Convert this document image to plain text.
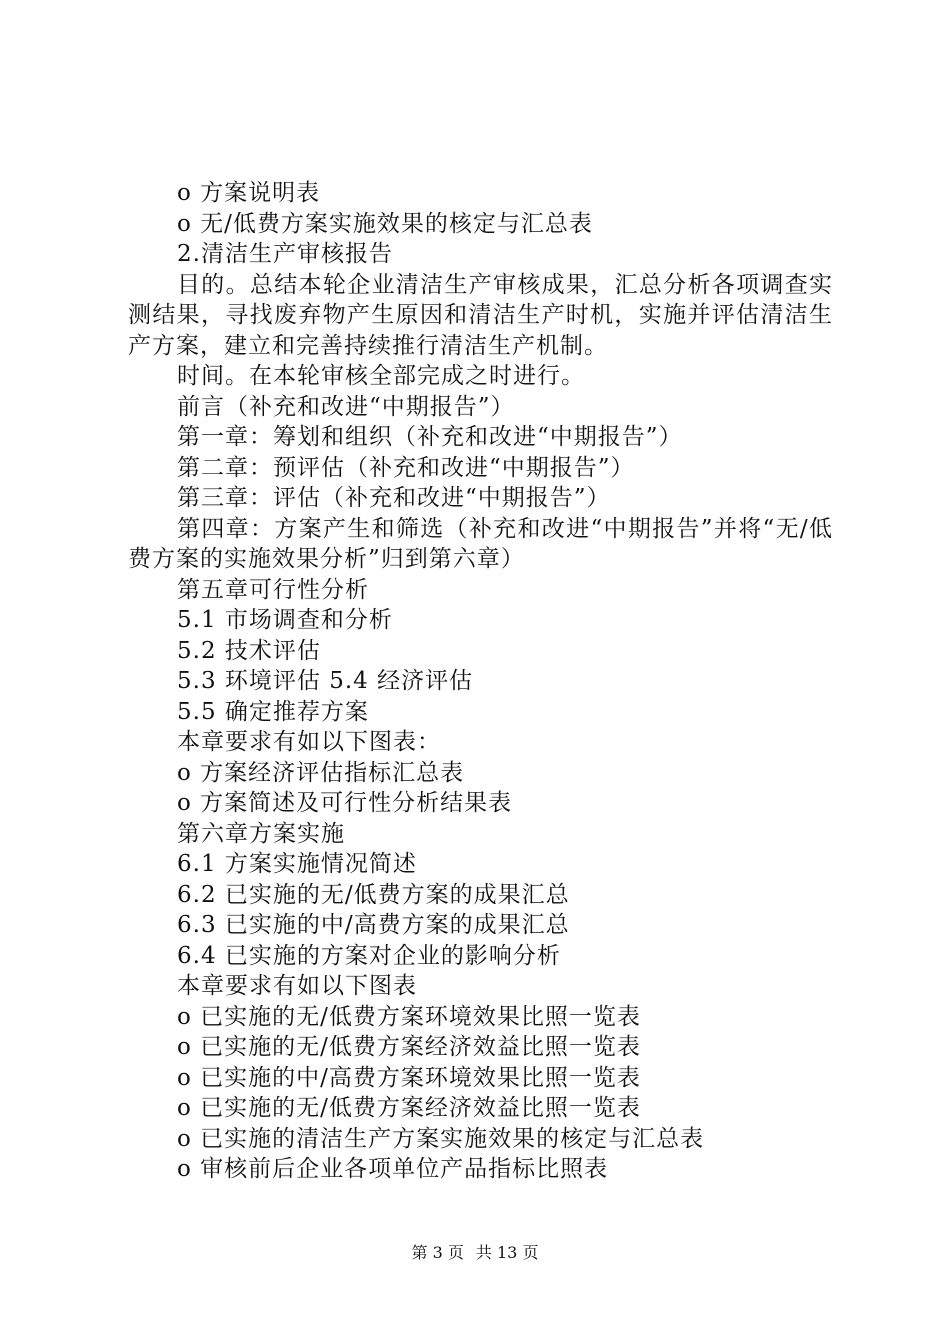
o 方案说明表
o 无/低费方案实施效果的核定与汇总表
2.清洁生产审核报告
目的。总结本轮企业清洁生产审核成果，汇总分析各项调查实测结果，寻找废弃物产生原因和清洁生产时机，实施并评估清洁生产方案，建立和完善持续推行清洁生产机制。
时间。在本轮审核全部完成之时进行。
前言（补充和改进“中期报告”）
第一章：筹划和组织（补充和改进“中期报告”）
第二章：预评估（补充和改进“中期报告”）
第三章：评估（补充和改进“中期报告”）
第四章：方案产生和筛选（补充和改进“中期报告”并将“无/低费方案的实施效果分析”归到第六章）
第五章可行性分析
5.1 市场调查和分析
5.2 技术评估
5.3 环境评估 5.4 经济评估
5.5 确定推荐方案
本章要求有如以下图表：
o 方案经济评估指标汇总表
o 方案简述及可行性分析结果表
第六章方案实施
6.1 方案实施情况简述
6.2 已实施的无/低费方案的成果汇总
6.3 已实施的中/高费方案的成果汇总
6.4 已实施的方案对企业的影响分析
本章要求有如以下图表
o 已实施的无/低费方案环境效果比照一览表
o 已实施的无/低费方案经济效益比照一览表
o 已实施的中/高费方案环境效果比照一览表
o 已实施的无/低费方案经济效益比照一览表
o 已实施的清洁生产方案实施效果的核定与汇总表
o 审核前后企业各项单位产品指标比照表
第 3 页 共 13 页
